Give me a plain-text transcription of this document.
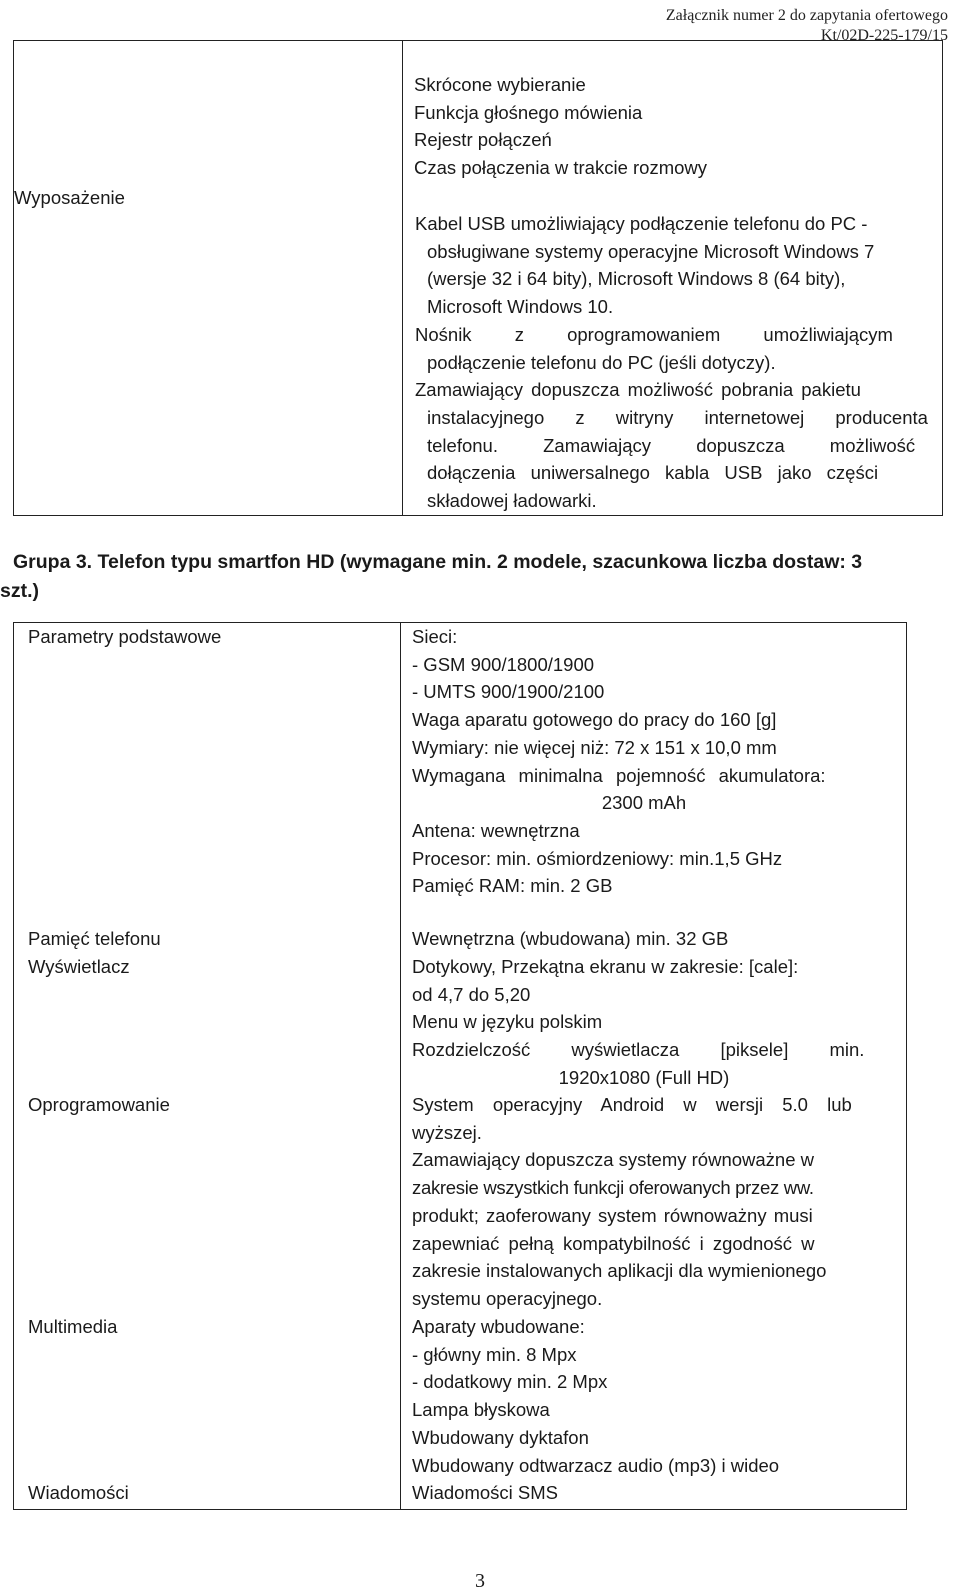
Załącznik numer 2 do zapytania ofertowego
Kt/02D-225-179/15
Wyposażenie
Skrócone wybieranie
Funkcja głośnego mówienia
Rejestr połączeń
Czas połączenia w trakcie rozmowy
Kabel USB umożliwiający podłączenie telefonu do PC -
obsługiwane systemy operacyjne Microsoft Windows 7
(wersje 32 i 64 bity), Microsoft Windows 8 (64 bity),
Microsoft Windows 10.
Nośnik z oprogramowaniem umożliwiającym
podłączenie telefonu do PC (jeśli dotyczy).
Zamawiający dopuszcza możliwość pobrania pakietu
instalacyjnego z witryny internetowej producenta
telefonu. Zamawiający dopuszcza możliwość
dołączenia uniwersalnego kabla USB jako części
składowej ładowarki.
Grupa 3. Telefon typu smartfon HD (wymagane min. 2 modele, szacunkowa liczba dostaw: 3
szt.)
Parametry podstawowe
Pamięć telefonu
Wyświetlacz
Oprogramowanie
Multimedia
Wiadomości
Sieci:
- GSM 900/1800/1900
- UMTS 900/1900/2100
Waga aparatu gotowego do pracy do 160 [g]
Wymiary: nie więcej niż: 72 x 151 x 10,0 mm
Wymagana minimalna pojemność akumulatora:
2300 mAh
Antena: wewnętrzna
Procesor: min. ośmiordzeniowy: min.1,5 GHz
Pamięć RAM: min. 2 GB
Wewnętrzna (wbudowana) min. 32 GB
Dotykowy, Przekątna ekranu w zakresie: [cale]:
od 4,7 do 5,20
Menu w języku polskim
Rozdzielczość wyświetlacza [piksele] min.
1920x1080 (Full HD)
System operacyjny Android w wersji 5.0 lub
wyższej.
Zamawiający dopuszcza systemy równoważne w
zakresie wszystkich funkcji oferowanych przez ww.
produkt; zaoferowany system równoważny musi
zapewniać pełną kompatybilność i zgodność w
zakresie instalowanych aplikacji dla wymienionego
systemu operacyjnego.
Aparaty wbudowane:
- główny min. 8 Mpx
- dodatkowy min. 2 Mpx
Lampa błyskowa
Wbudowany dyktafon
Wbudowany odtwarzacz audio (mp3) i wideo
Wiadomości SMS
3
